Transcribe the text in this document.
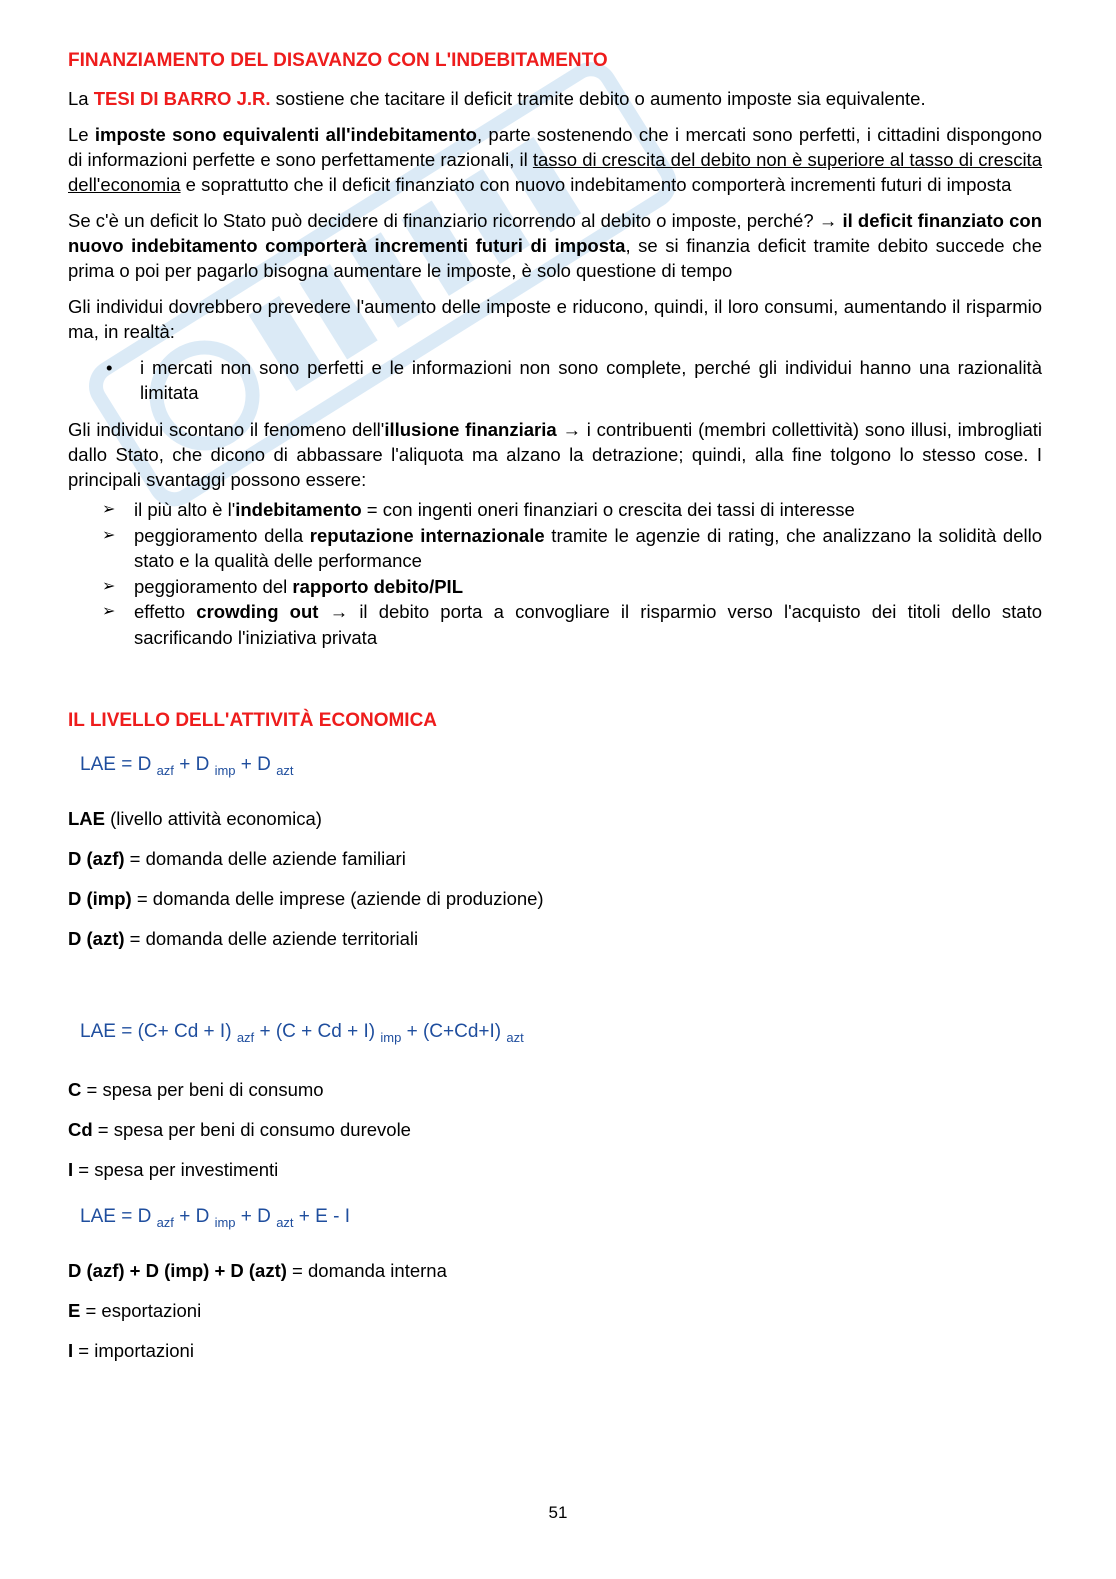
FINANZIAMENTO DEL DISAVANZO CON L'INDEBITAMENTO

La TESI DI BARRO J.R. sostiene che tacitare il deficit tramite debito o aumento imposte sia equivalente.

Le imposte sono equivalenti all'indebitamento, parte sostenendo che i mercati sono perfetti, i cittadini dispongono di informazioni perfette e sono perfettamente razionali, il tasso di crescita del debito non è superiore al tasso di crescita dell'economia e soprattutto che il deficit finanziato con nuovo indebitamento comporterà incrementi futuri di imposta

Se c'è un deficit lo Stato può decidere di finanziario ricorrendo al debito o imposte, perché? → il deficit finanziato con nuovo indebitamento comporterà incrementi futuri di imposta, se si finanzia deficit tramite debito succede che prima o poi per pagarlo bisogna aumentare le imposte, è solo questione di tempo

Gli individui dovrebbero prevedere l'aumento delle imposte e riducono, quindi, il loro consumi, aumentando il risparmio ma, in realtà:

• i mercati non sono perfetti e le informazioni non sono complete, perché gli individui hanno una razionalità limitata

Gli individui scontano il fenomeno dell'illusione finanziaria → i contribuenti (membri collettività) sono illusi, imbrogliati dallo Stato, che dicono di abbassare l'aliquota ma alzano la detrazione; quindi, alla fine tolgono lo stesso cose. I principali svantaggi possono essere:

➢ il più alto è l'indebitamento = con ingenti oneri finanziari o crescita dei tassi di interesse
➢ peggioramento della reputazione internazionale tramite le agenzie di rating, che analizzano la solidità dello stato e la qualità delle performance
➢ peggioramento del rapporto debito/PIL
➢ effetto crowding out → il debito porta a convogliare il risparmio verso l'acquisto dei titoli dello stato sacrificando l'iniziativa privata
IL LIVELLO DELL'ATTIVITÀ ECONOMICA
LAE = D $_{azf}$ + D $_{imp}$ + D $_{azt}$
LAE (livello attività economica)
D (azf) = domanda delle aziende familiari
D (imp) = domanda delle imprese (aziende di produzione)
D (azt) = domanda delle aziende territoriali
LAE = (C+ Cd + I) $_{azf}$ + (C + Cd + I) $_{imp}$ + (C+Cd+I) $_{azt}$
C = spesa per beni di consumo
Cd = spesa per beni di consumo durevole
I = spesa per investimenti
LAE = D $_{azf}$ + D $_{imp}$ + D $_{azt}$ + E - I
D (azf) + D (imp) + D (azt) = domanda interna
E = esportazioni
I = importazioni
51
